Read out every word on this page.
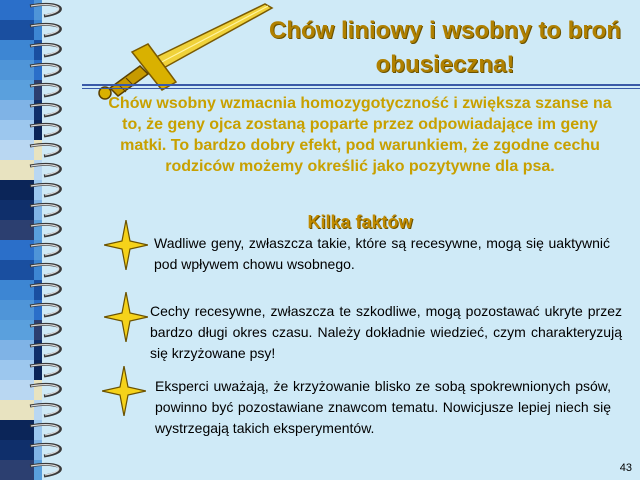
Chów liniowy i wsobny to broń obusieczna!
Chów wsobny wzmacnia homozygotyczność i zwiększa szanse na to, że geny ojca zostaną poparte przez odpowiadające im geny matki. To bardzo dobry efekt, pod warunkiem, że zgodne cechu rodziców możemy określić jako pozytywne dla psa.
Kilka faktów
Wadliwe geny, zwłaszcza takie, które są recesywne, mogą się uaktywnić pod wpływem chowu wsobnego.
Cechy recesywne, zwłaszcza te szkodliwe, mogą pozostawać ukryte przez bardzo długi okres czasu. Należy dokładnie wiedzieć, czym charakteryzują się krzyżowane psy!
Eksperci uważają, że krzyżowanie blisko ze sobą spokrewnionych psów, powinno być pozostawiane znawcom tematu. Nowicjusze lepiej niech się wystrzegają takich eksperymentów.
43
